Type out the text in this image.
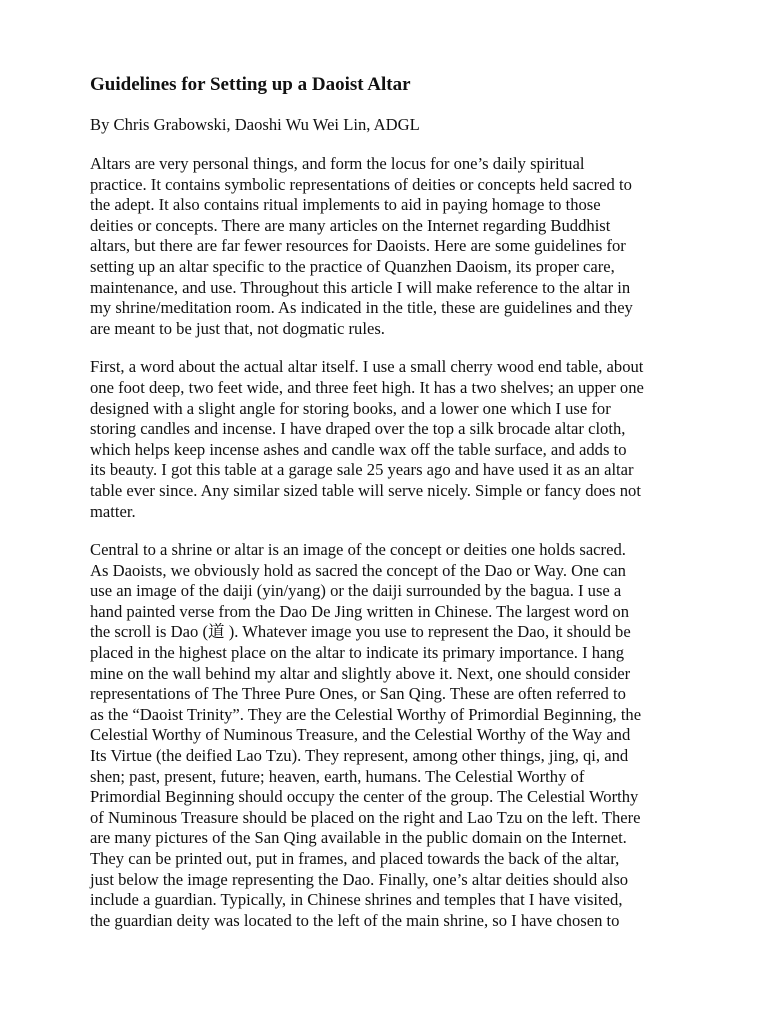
Guidelines for Setting up a Daoist Altar

By Chris Grabowski, Daoshi Wu Wei Lin, ADGL

Altars are very personal things, and form the locus for one’s daily spiritual
practice. It contains symbolic representations of deities or concepts held sacred to
the adept. It also contains ritual implements to aid in paying homage to those
deities or concepts. There are many articles on the Internet regarding Buddhist
altars, but there are far fewer resources for Daoists. Here are some guidelines for
setting up an altar specific to the practice of Quanzhen Daoism, its proper care,
maintenance, and use. Throughout this article I will make reference to the altar in
my shrine/meditation room. As indicated in the title, these are guidelines and they
are meant to be just that, not dogmatic rules.

First, a word about the actual altar itself. I use a small cherry wood end table, about
one foot deep, two feet wide, and three feet high. It has a two shelves; an upper one
designed with a slight angle for storing books, and a lower one which I use for
storing candles and incense. I have draped over the top a silk brocade altar cloth,
which helps keep incense ashes and candle wax off the table surface, and adds to
its beauty. I got this table at a garage sale 25 years ago and have used it as an altar
table ever since. Any similar sized table will serve nicely. Simple or fancy does not
matter.

Central to a shrine or altar is an image of the concept or deities one holds sacred.
As Daoists, we obviously hold as sacred the concept of the Dao or Way. One can
use an image of the daiji (yin/yang) or the daiji surrounded by the bagua. I use a
hand painted verse from the Dao De Jing written in Chinese. The largest word on
the scroll is Dao (道 ). Whatever image you use to represent the Dao, it should be
placed in the highest place on the altar to indicate its primary importance. I hang
mine on the wall behind my altar and slightly above it. Next, one should consider
representations of The Three Pure Ones, or San Qing. These are often referred to
as the “Daoist Trinity”. They are the Celestial Worthy of Primordial Beginning, the
Celestial Worthy of Numinous Treasure, and the Celestial Worthy of the Way and
Its Virtue (the deified Lao Tzu). They represent, among other things, jing, qi, and
shen; past, present, future; heaven, earth, humans. The Celestial Worthy of
Primordial Beginning should occupy the center of the group. The Celestial Worthy
of Numinous Treasure should be placed on the right and Lao Tzu on the left. There
are many pictures of the San Qing available in the public domain on the Internet.
They can be printed out, put in frames, and placed towards the back of the altar,
just below the image representing the Dao. Finally, one’s altar deities should also
include a guardian. Typically, in Chinese shrines and temples that I have visited,
the guardian deity was located to the left of the main shrine, so I have chosen to
